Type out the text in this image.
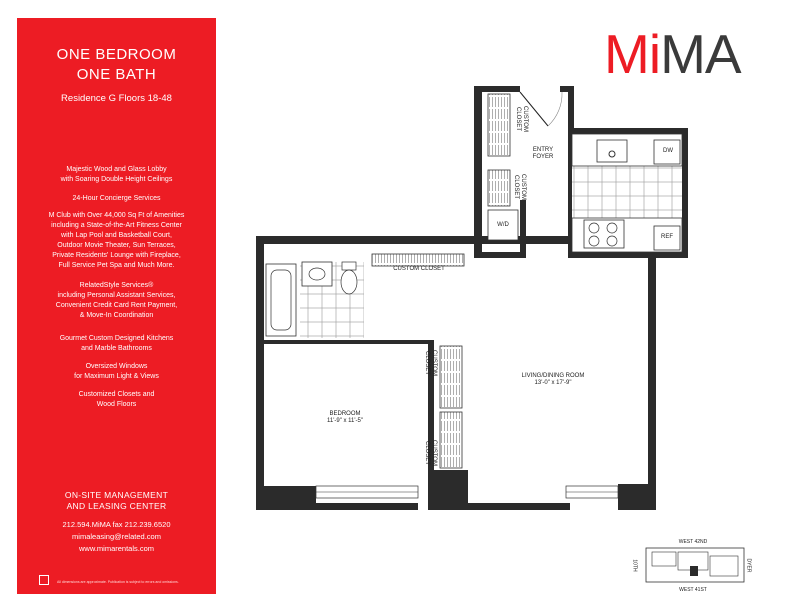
ONE BEDROOM
ONE BATH
Residence G Floors 18-48
Majestic Wood and Glass Lobby
with Soaring Double Height Ceilings
24-Hour Concierge Services
M Club with Over 44,000 Sq Ft of Amenities
including a State-of-the-Art Fitness Center
with Lap Pool and Basketball Court,
Outdoor Movie Theater, Sun Terraces,
Private Residents' Lounge with Fireplace,
Full Service Pet Spa and Much More.
RelatedStyle Services®
including Personal Assistant Services,
Convenient Credit Card Rent Payment,
& Move-In Coordination
Gourmet Custom Designed Kitchens
and Marble Bathrooms
Oversized Windows
for Maximum Light & Views
Customized Closets and
Wood Floors
ON-SITE MANAGEMENT
AND LEASING CENTER
212.594.MiMA fax 212.239.6520
mimaleasing@related.com
www.mimarentals.com
All dimensions are approximate. Publication is subject to errors and omissions.
MiMA
CUSTOM
CLOSET
ENTRY
FOYER
CUSTOM
CLOSET
DW
W/D
REF
CUSTOM CLOSET
CUSTOM
CLOSET
CUSTOM
CLOSET
LIVING/DINING ROOM
13'-0" x 17'-9"
BEDROOM
11'-9" x 11'-5"
WEST 42ND
WEST 41ST
10TH	DYER
